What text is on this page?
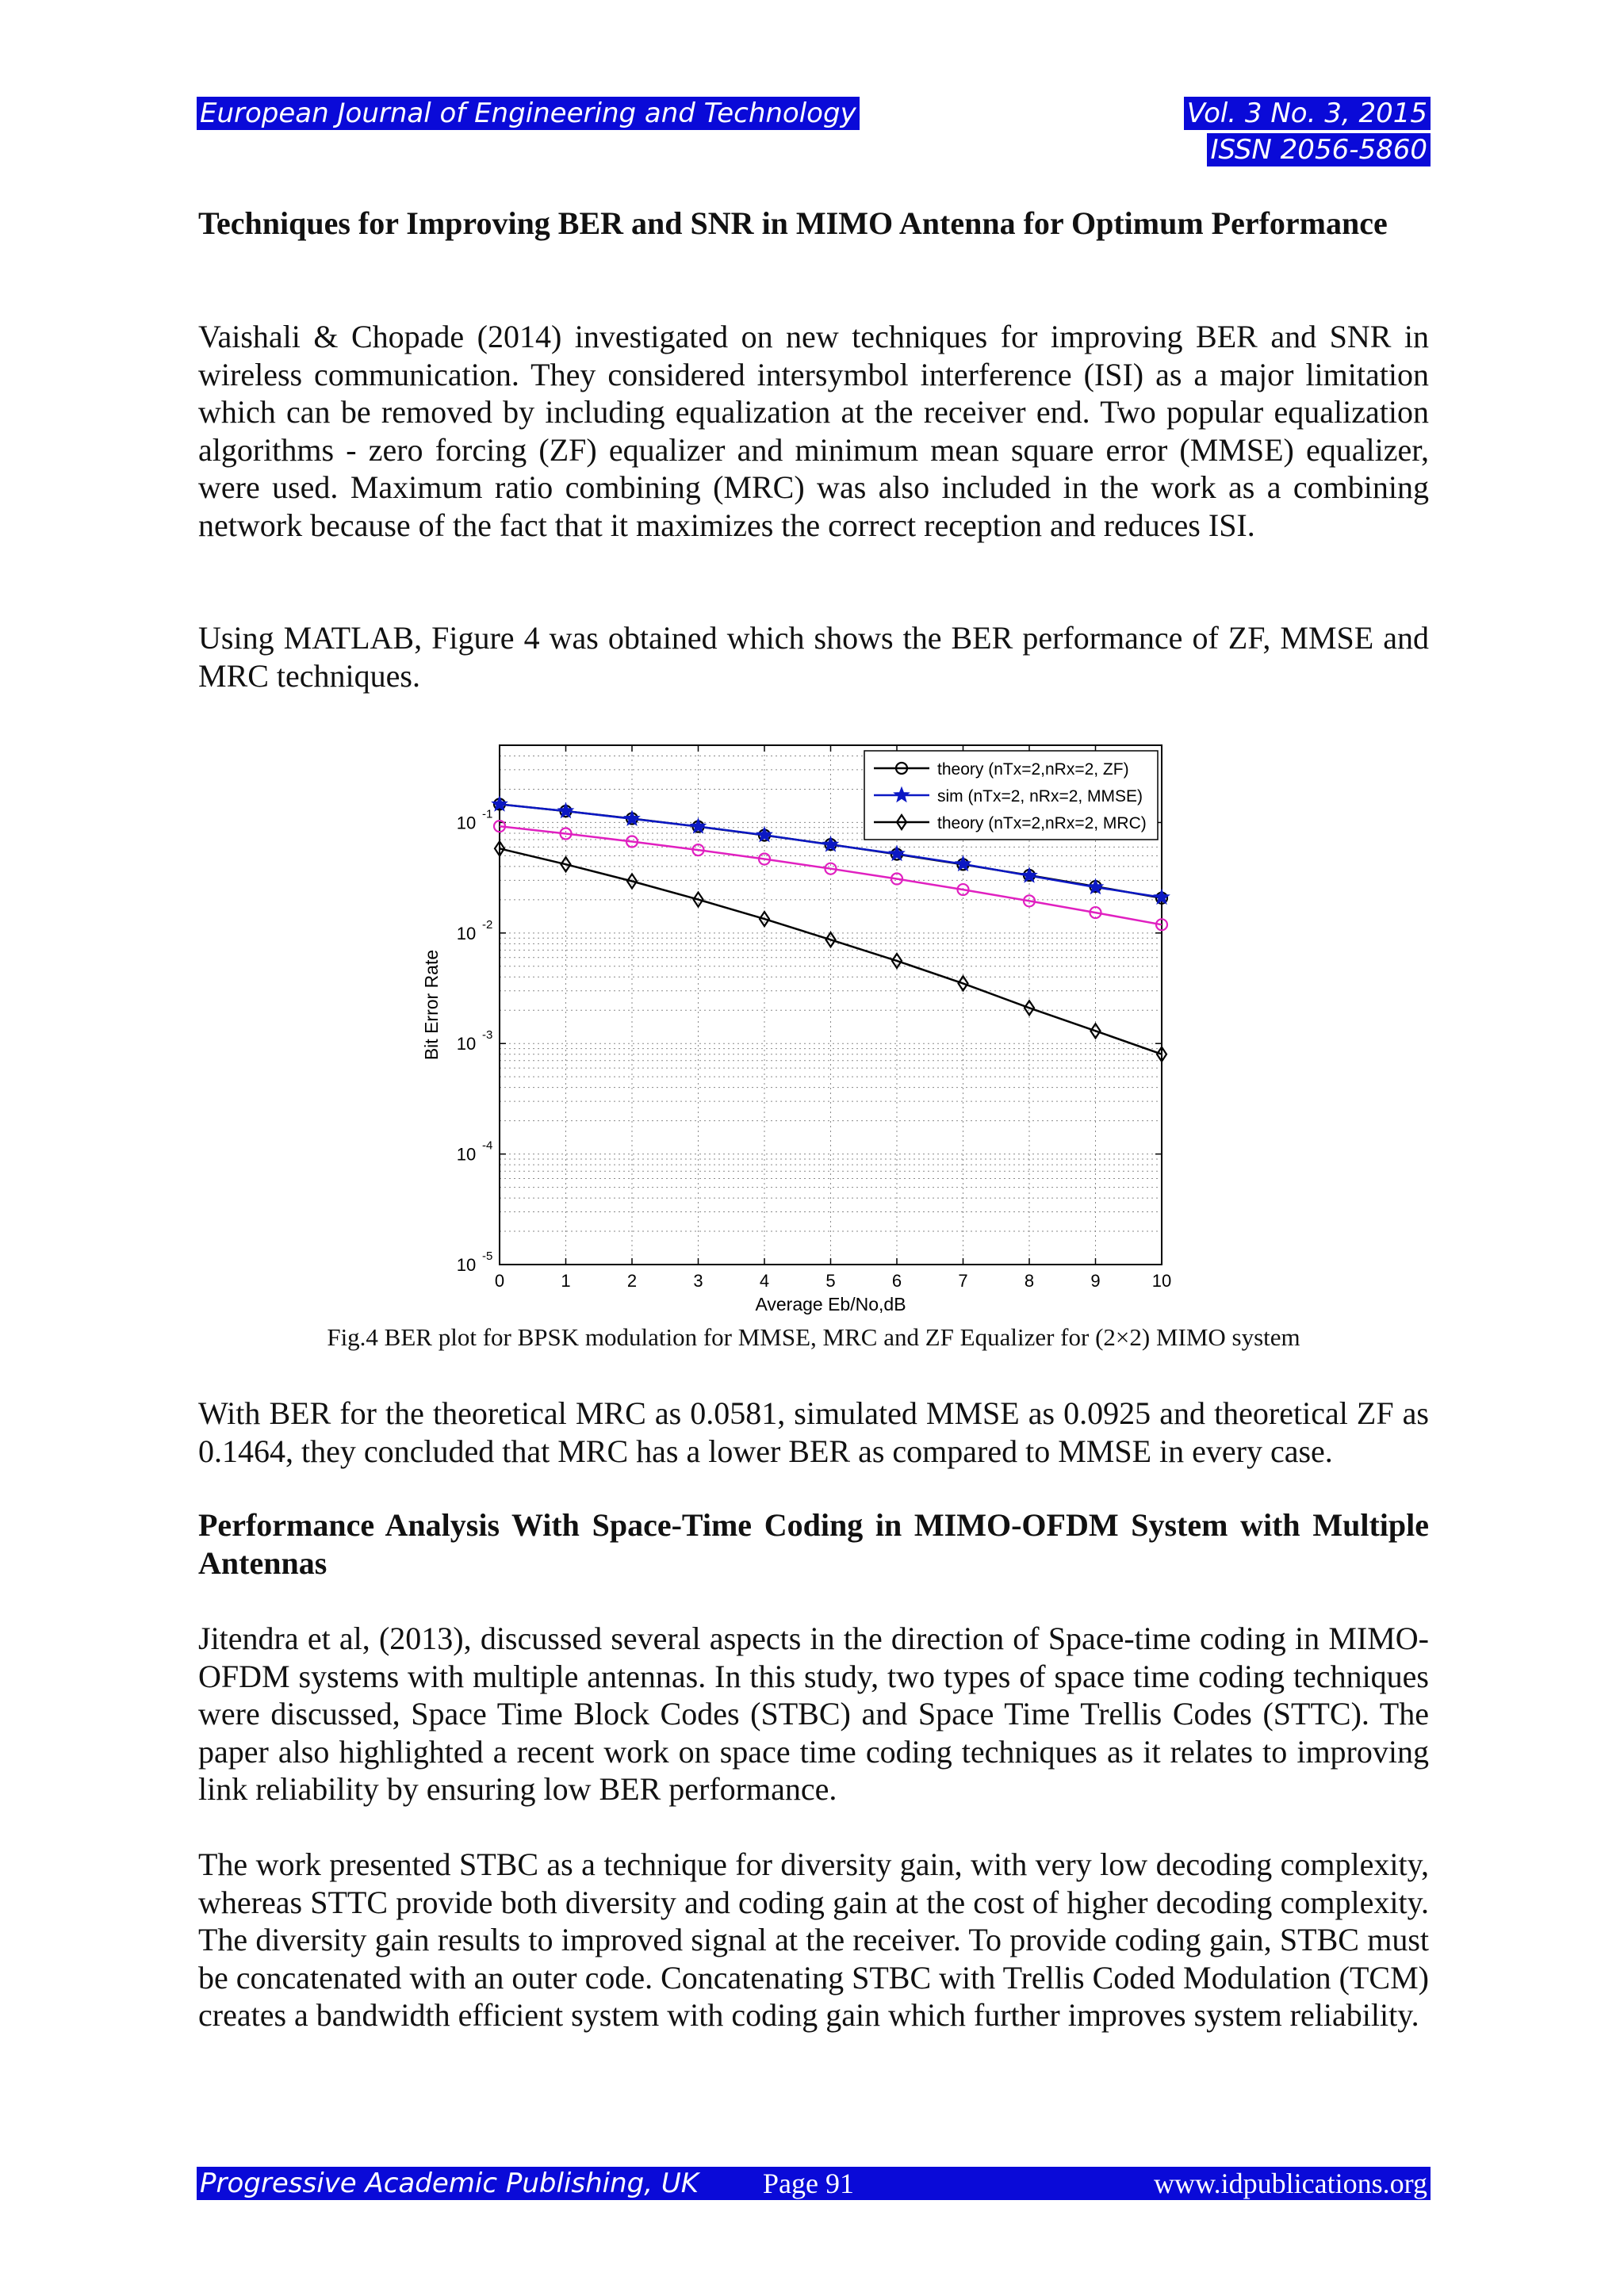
European Journal of Engineering and Technology	Vol. 3 No. 3, 2015
ISSN 2056-5860
Techniques for Improving BER and SNR in MIMO Antenna for Optimum Performance
Vaishali & Chopade (2014) investigated on new techniques for improving BER and SNR in wireless communication. They considered intersymbol interference (ISI) as a major limitation which can be removed by including equalization at the receiver end. Two popular equalization algorithms - zero forcing (ZF) equalizer and minimum mean square error (MMSE) equalizer, were used. Maximum ratio combining (MRC) was also included in the work as a combining network because of the fact that it maximizes the correct reception and reduces ISI.
Using MATLAB, Figure 4 was obtained which shows the BER performance of ZF, MMSE and MRC techniques.
0	1	2	3	4	5	6	7	8	9	10
10 -1
10 -2
10 -3
10 -4
10 -5
Average Eb/No,dB
Bit Error Rate
theory (nTx=2,nRx=2, ZF)
sim (nTx=2, nRx=2, MMSE)
theory (nTx=2,nRx=2, MRC)
Fig.4 BER plot for BPSK modulation for MMSE, MRC and ZF Equalizer for (2×2) MIMO system
With BER for the theoretical MRC as 0.0581, simulated MMSE as 0.0925 and theoretical ZF as 0.1464, they concluded that MRC has a lower BER as compared to MMSE in every case.
Performance Analysis With Space-Time Coding in MIMO-OFDM System with Multiple Antennas
Jitendra et al, (2013), discussed several aspects in the direction of Space-time coding in MIMO-OFDM systems with multiple antennas. In this study, two types of space time coding techniques were discussed, Space Time Block Codes (STBC) and Space Time Trellis Codes (STTC). The paper also highlighted a recent work on space time coding techniques as it relates to improving link reliability by ensuring low BER performance.
The work presented STBC as a technique for diversity gain, with very low decoding complexity, whereas STTC provide both diversity and coding gain at the cost of higher decoding complexity. The diversity gain results to improved signal at the receiver. To provide coding gain, STBC must be concatenated with an outer code. Concatenating STBC with Trellis Coded Modulation (TCM) creates a bandwidth efficient system with coding gain which further improves system reliability.
Progressive Academic Publishing, UK Page 91	www.idpublications.org
